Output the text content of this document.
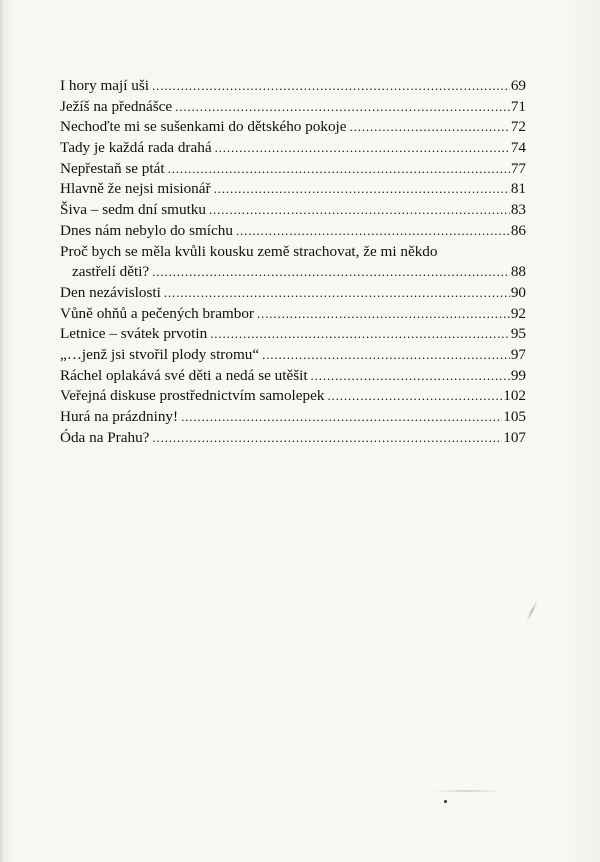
I hory mají uši . . .	69
Ježíš na přednášce . . .	71
Nechoďte mi se sušenkami do dětského pokoje . . .	72
Tady je každá rada drahá . . .	74
Nepřestaň se ptát . . .	77
Hlavně že nejsi misionář . . .	81
Šiva – sedm dní smutku . . .	83
Dnes nám nebylo do smíchu . . .	86
Proč bych se měla kvůli kousku země strachovat, že mi někdo
zastřelí děti? . . .	88
Den nezávislosti . . .	90
Vůně ohňů a pečených brambor . . .	92
Letnice – svátek prvotin . . .	95
„…jenž jsi stvořil plody stromu“ . . .	97
Ráchel oplakává své děti a nedá se utěšit . . .	99
Veřejná diskuse prostřednictvím samolepek . . .	102
Hurá na prázdniny! . . .	105
Óda na Prahu? . . .	107
